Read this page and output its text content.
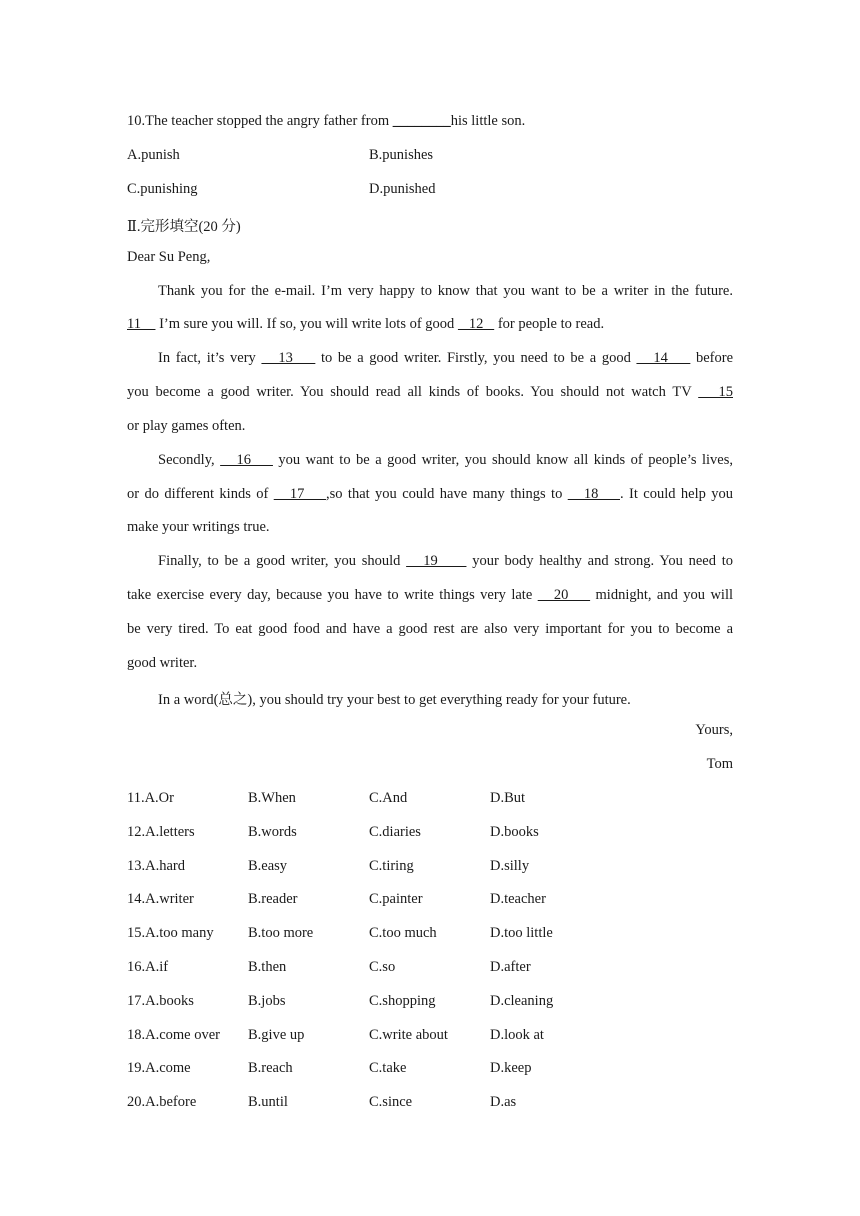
10.The teacher stopped the angry father from ________his little son.
A.punish	B.punishes
C.punishing	D.punished
Ⅱ.完形填空(20 分)
Dear Su Peng,
Thank you for the e-mail. I’m very happy to know that you want to be a writer in the future.
11     I’m sure you will. If so, you will write lots of good    12    for people to read.
In fact, it’s very    13     to be a good writer. Firstly, you need to be a good    14     before
you become a good writer. You should read all kinds of books. You should not watch TV    15
or play games often.
Secondly,    16     you want to be a good writer, you should know all kinds of people’s lives,
or do different kinds of    17    ,so that you could have many things to    18    . It could help you
make your writings true.
Finally, to be a good writer, you should    19      your body healthy and strong. You need to
take exercise every day, because you have to write things very late    20     midnight, and you will
be very tired. To eat good food and have a good rest are also very important for you to become a
good writer.
In a word(总之), you should try your best to get everything ready for your future.
Yours,
Tom
11.A.Or	B.When	C.And	D.But
12.A.letters	B.words	C.diaries	D.books
13.A.hard	B.easy	C.tiring	D.silly
14.A.writer	B.reader	C.painter	D.teacher
15.A.too many B.too more	C.too much	D.too little
16.A.if	B.then	C.so	D.after
17.A.books	B.jobs	C.shopping	D.cleaning
18.A.come over B.give up	C.write about	D.look at
19.A.come	B.reach	C.take	D.keep
20.A.before	B.until	C.since	D.as
